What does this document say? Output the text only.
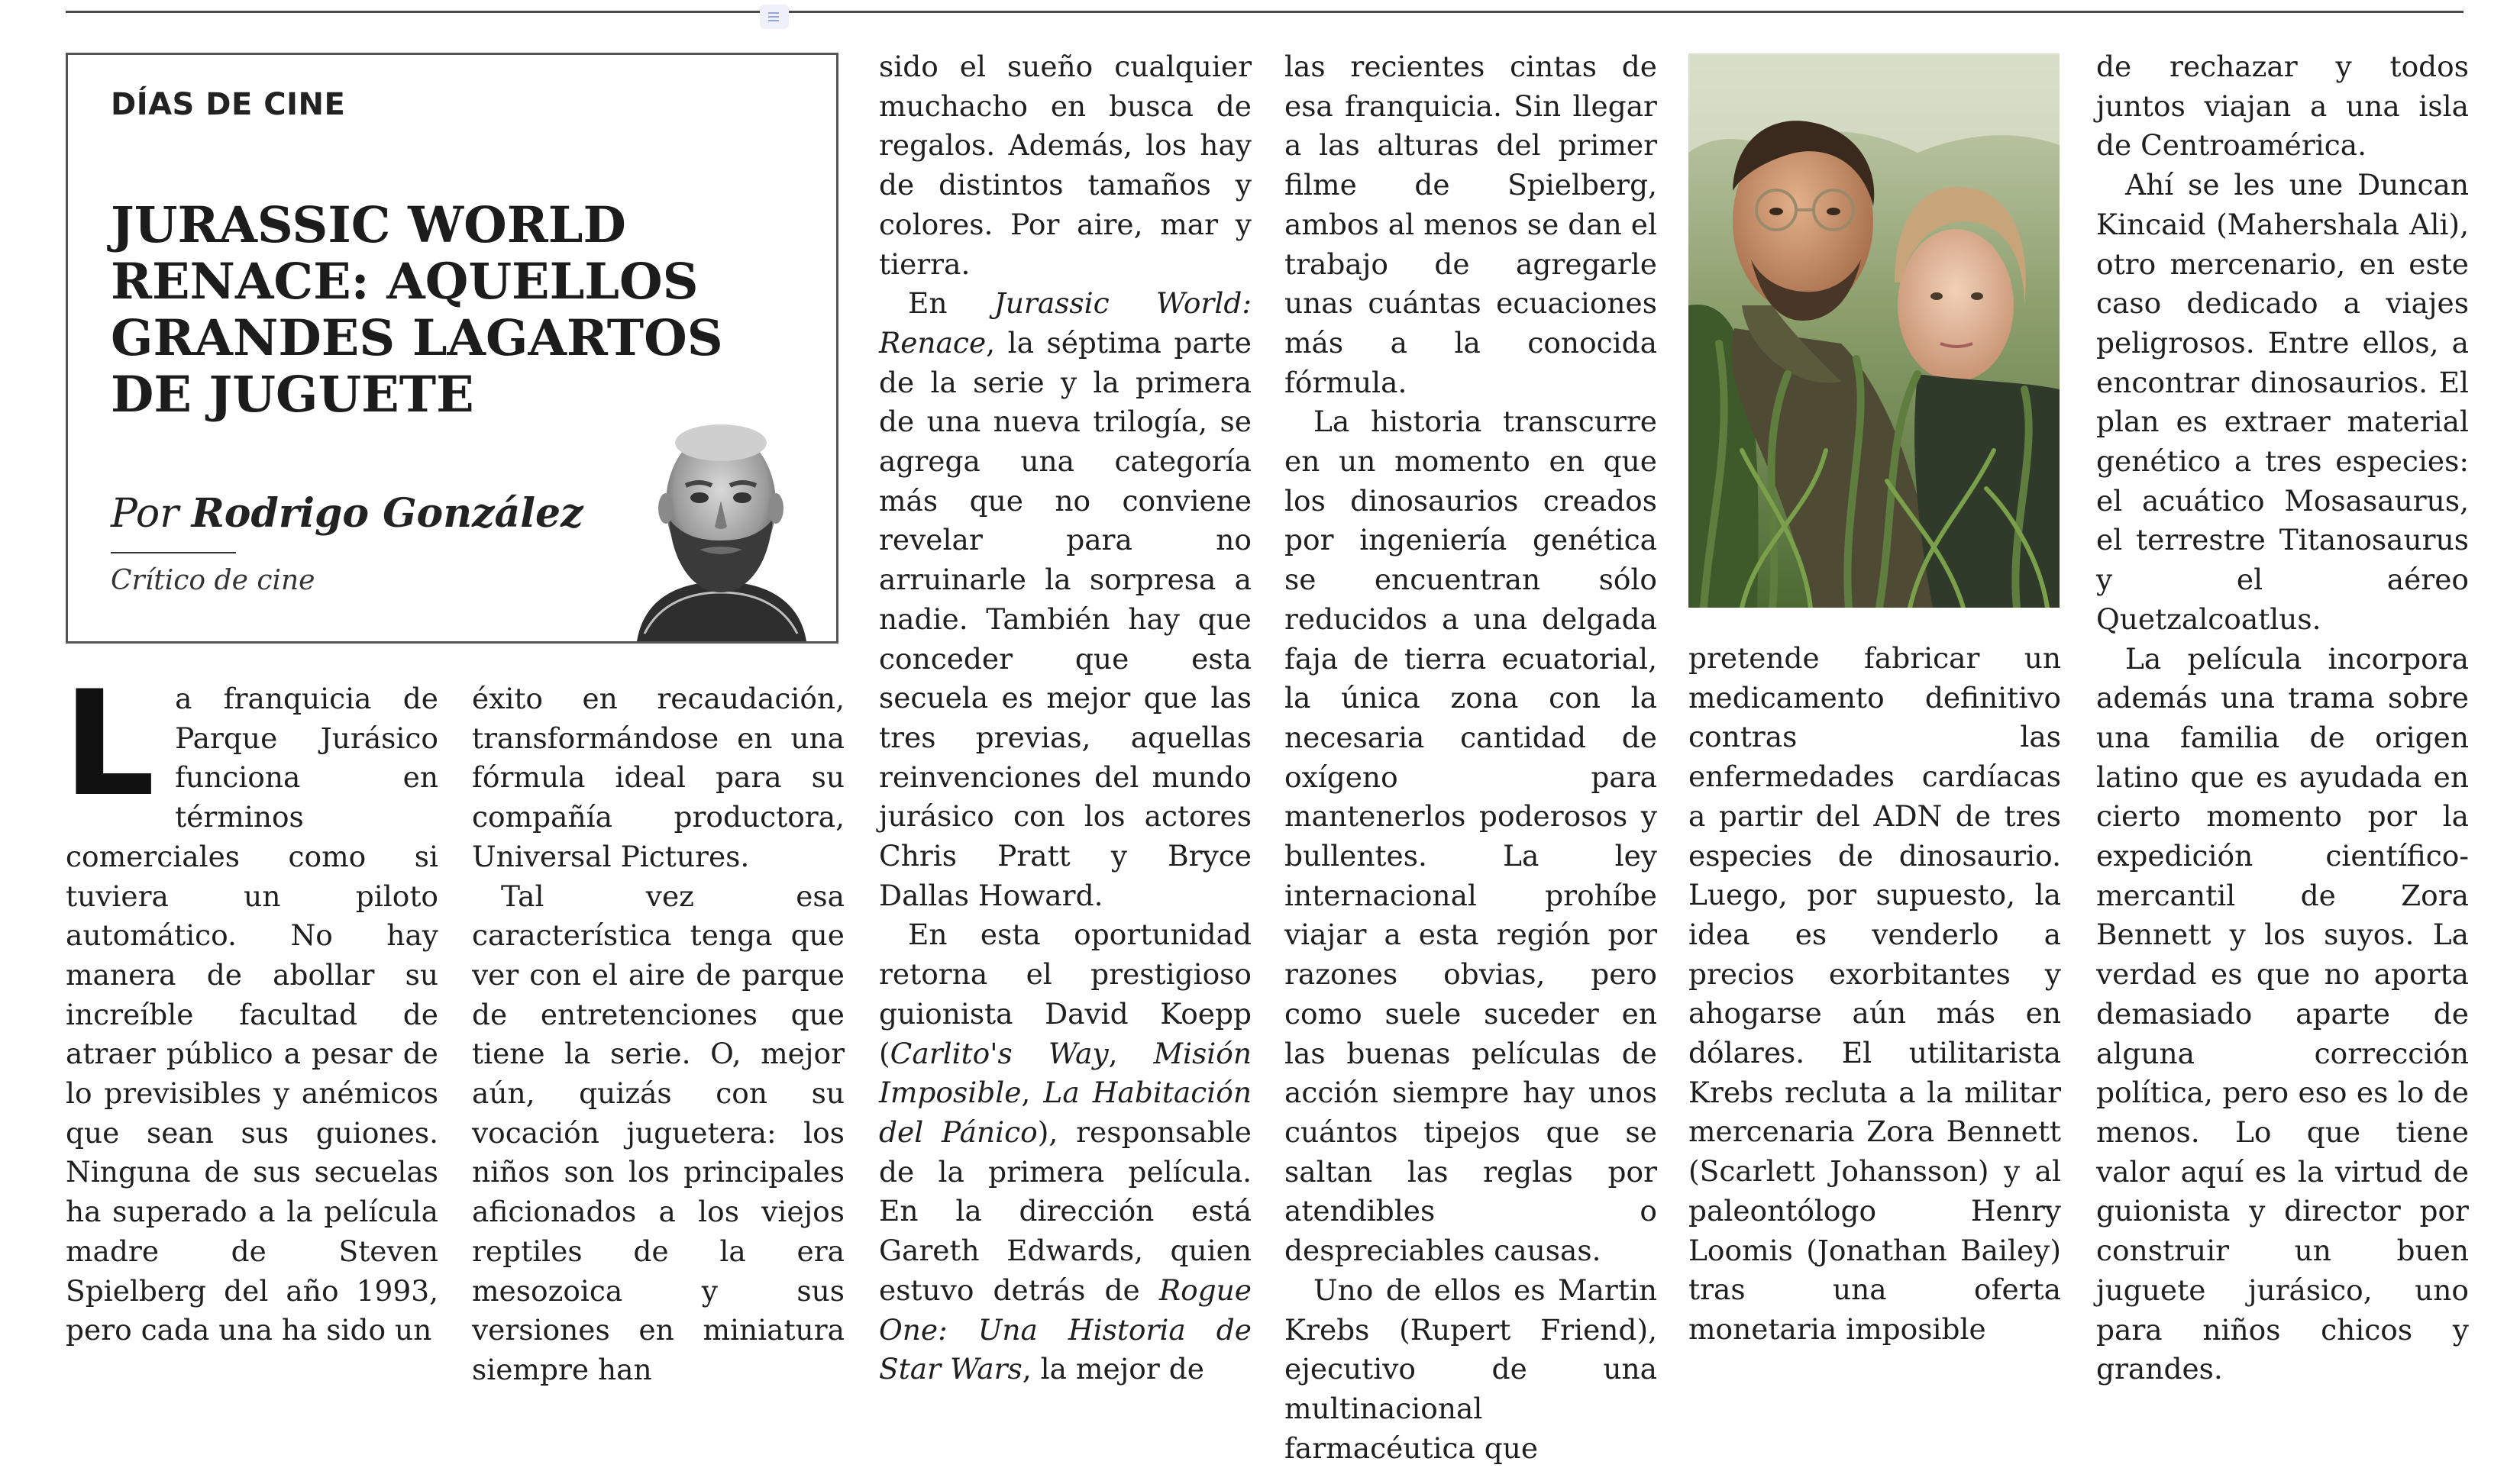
DÍAS DE CINE
JURASSIC WORLD RENACE: AQUELLOS GRANDES LAGARTOS DE JUGUETE
Por Rodrigo González
Crítico de cine

La franquicia de Parque Jurásico funciona en términos comerciales como si tuviera un piloto automático. No hay manera de abollar su increíble facultad de atraer público a pesar de lo previsibles y anémicos que sean sus guiones. Ninguna de sus secuelas ha superado a la película madre de Steven Spielberg del año 1993, pero cada una ha sido un

éxito en recaudación, transformándose en una fórmula ideal para su compañía productora, Universal Pictures.

Tal vez esa característica tenga que ver con el aire de parque de entretenciones que tiene la serie. O, mejor aún, quizás con su vocación juguetera: los niños son los principales aficionados a los viejos reptiles de la era mesozoica y sus versiones en miniatura siempre han

sido el sueño cualquier muchacho en busca de regalos. Además, los hay de distintos tamaños y colores. Por aire, mar y tierra.

En Jurassic World: Renace, la séptima parte de la serie y la primera de una nueva trilogía, se agrega una categoría más que no conviene revelar para no arruinarle la sorpresa a nadie. También hay que conceder que esta secuela es mejor que las tres previas, aquellas reinvenciones del mundo jurásico con los actores Chris Pratt y Bryce Dallas Howard.

En esta oportunidad retorna el prestigioso guionista David Koepp (Carlito's Way, Misión Imposible, La Habitación del Pánico), responsable de la primera película. En la dirección está Gareth Edwards, quien estuvo detrás de Rogue One: Una Historia de Star Wars, la mejor de

las recientes cintas de esa franquicia. Sin llegar a las alturas del primer filme de Spielberg, ambos al menos se dan el trabajo de agregarle unas cuántas ecuaciones más a la conocida fórmula.

La historia transcurre en un momento en que los dinosaurios creados por ingeniería genética se encuentran sólo reducidos a una delgada faja de tierra ecuatorial, la única zona con la necesaria cantidad de oxígeno para mantenerlos poderosos y bullentes. La ley internacional prohíbe viajar a esta región por razones obvias, pero como suele suceder en las buenas películas de acción siempre hay unos cuántos tipejos que se saltan las reglas por atendibles o despreciables causas.

Uno de ellos es Martin Krebs (Rupert Friend), ejecutivo de una multinacional farmacéutica que

pretende fabricar un medicamento definitivo contras las enfermedades cardíacas a partir del ADN de tres especies de dinosaurio. Luego, por supuesto, la idea es venderlo a precios exorbitantes y ahogarse aún más en dólares. El utilitarista Krebs recluta a la militar mercenaria Zora Bennett (Scarlett Johansson) y al paleontólogo Henry Loomis (Jonathan Bailey) tras una oferta monetaria imposible

de rechazar y todos juntos viajan a una isla de Centroamérica.

Ahí se les une Duncan Kincaid (Mahershala Ali), otro mercenario, en este caso dedicado a viajes peligrosos. Entre ellos, a encontrar dinosaurios. El plan es extraer material genético a tres especies: el acuático Mosasaurus, el terrestre Titanosaurus y el aéreo Quetzalcoatlus.

La película incorpora además una trama sobre una familia de origen latino que es ayudada en cierto momento por la expedición científico-mercantil de Zora Bennett y los suyos. La verdad es que no aporta demasiado aparte de alguna corrección política, pero eso es lo de menos. Lo que tiene valor aquí es la virtud de guionista y director por construir un buen juguete jurásico, uno para niños chicos y grandes.
